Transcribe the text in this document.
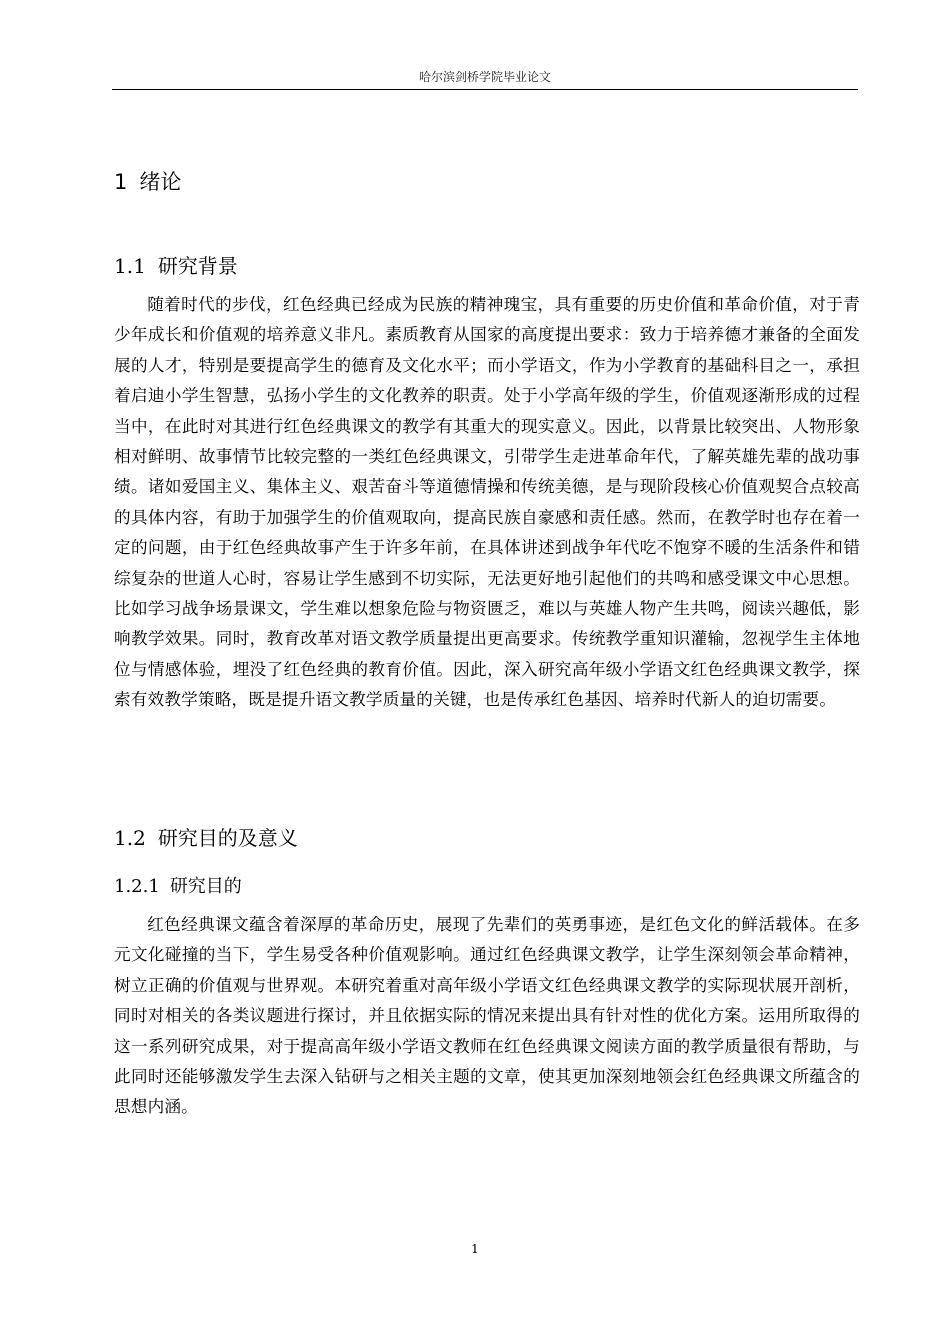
哈尔滨剑桥学院毕业论文
1 绪论
1.1 研究背景

随着时代的步伐，红色经典已经成为民族的精神瑰宝，具有重要的历史价值和革命价值，对于青少年成长和价值观的培养意义非凡。素质教育从国家的高度提出要求：致力于培养德才兼备的全面发展的人才，特别是要提高学生的德育及文化水平；而小学语文，作为小学教育的基础科目之一，承担着启迪小学生智慧，弘扬小学生的文化教养的职责。处于小学高年级的学生，价值观逐渐形成的过程当中，在此时对其进行红色经典课文的教学有其重大的现实意义。因此，以背景比较突出、人物形象相对鲜明、故事情节比较完整的一类红色经典课文，引带学生走进革命年代，了解英雄先辈的战功事绩。诸如爱国主义、集体主义、艰苦奋斗等道德情操和传统美德，是与现阶段核心价值观契合点较高的具体内容，有助于加强学生的价值观取向，提高民族自豪感和责任感。然而，在教学时也存在着一定的问题，由于红色经典故事产生于许多年前，在具体讲述到战争年代吃不饱穿不暖的生活条件和错综复杂的世道人心时，容易让学生感到不切实际，无法更好地引起他们的共鸣和感受课文中心思想。比如学习战争场景课文，学生难以想象危险与物资匮乏，难以与英雄人物产生共鸣，阅读兴趣低，影响教学效果。同时，教育改革对语文教学质量提出更高要求。传统教学重知识灌输，忽视学生主体地位与情感体验，埋没了红色经典的教育价值。因此，深入研究高年级小学语文红色经典课文教学，探索有效教学策略，既是提升语文教学质量的关键，也是传承红色基因、培养时代新人的迫切需要。

1.2 研究目的及意义
1.2.1 研究目的

红色经典课文蕴含着深厚的革命历史，展现了先辈们的英勇事迹，是红色文化的鲜活载体。在多元文化碰撞的当下，学生易受各种价值观影响。通过红色经典课文教学，让学生深刻领会革命精神，树立正确的价值观与世界观。本研究着重对高年级小学语文红色经典课文教学的实际现状展开剖析，同时对相关的各类议题进行探讨，并且依据实际的情况来提出具有针对性的优化方案。运用所取得的这一系列研究成果，对于提高高年级小学语文教师在红色经典课文阅读方面的教学质量很有帮助，与此同时还能够激发学生去深入钻研与之相关主题的文章，使其更加深刻地领会红色经典课文所蕴含的思想内涵。

1
